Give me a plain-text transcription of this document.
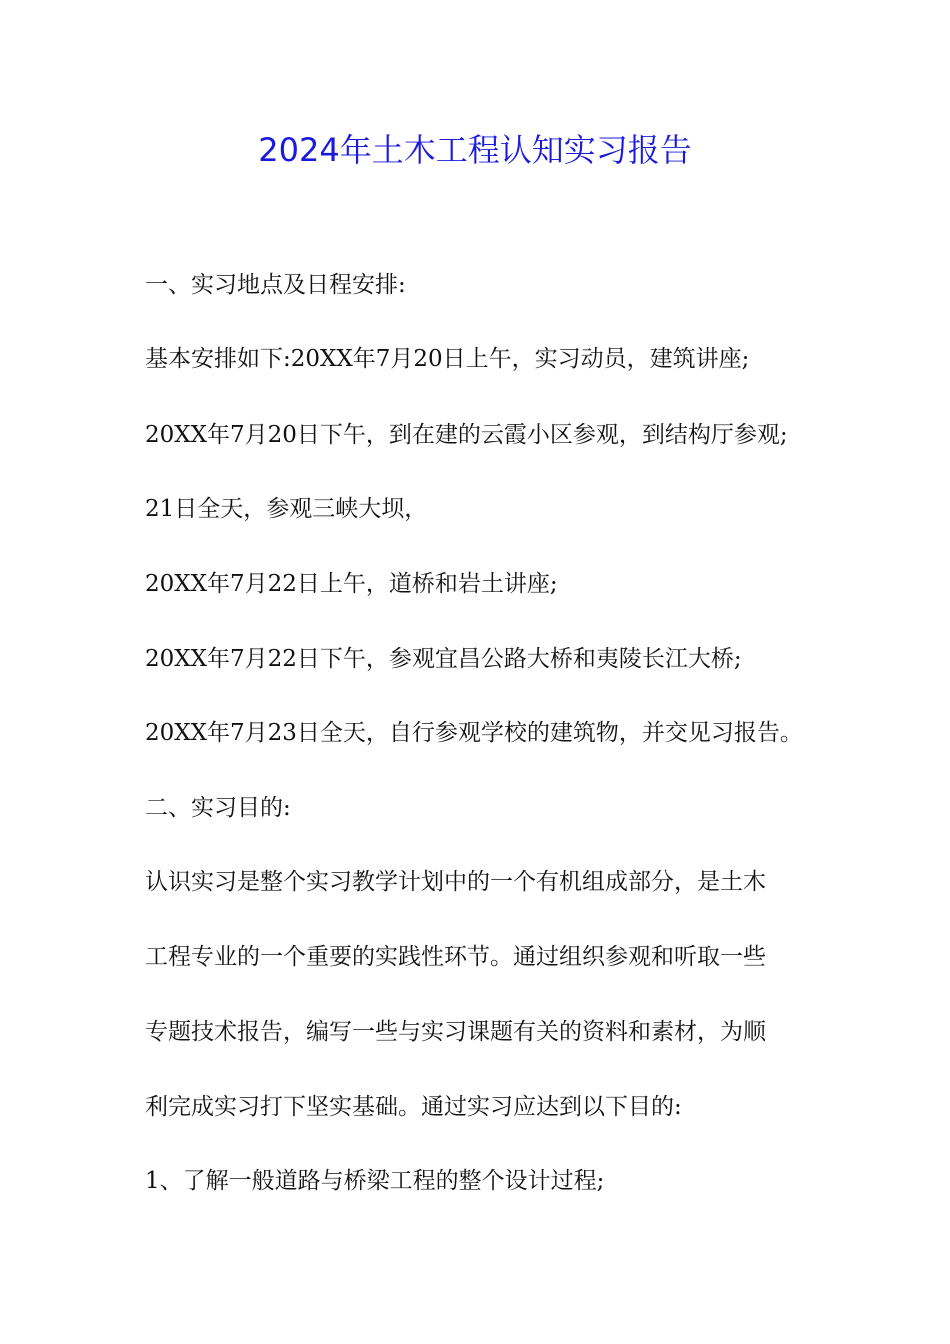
2024年土木工程认知实习报告
一、实习地点及日程安排:
基本安排如下:20XX年7月20日上午，实习动员，建筑讲座;
20XX年7月20日下午，到在建的云霞小区参观，到结构厅参观;
21日全天，参观三峡大坝，
20XX年7月22日上午，道桥和岩土讲座;
20XX年7月22日下午，参观宜昌公路大桥和夷陵长江大桥;
20XX年7月23日全天，自行参观学校的建筑物，并交见习报告。
二、实习目的:
认识实习是整个实习教学计划中的一个有机组成部分，是土木
工程专业的一个重要的实践性环节。通过组织参观和听取一些
专题技术报告，编写一些与实习课题有关的资料和素材，为顺
利完成实习打下坚实基础。通过实习应达到以下目的:
1、了解一般道路与桥梁工程的整个设计过程;
